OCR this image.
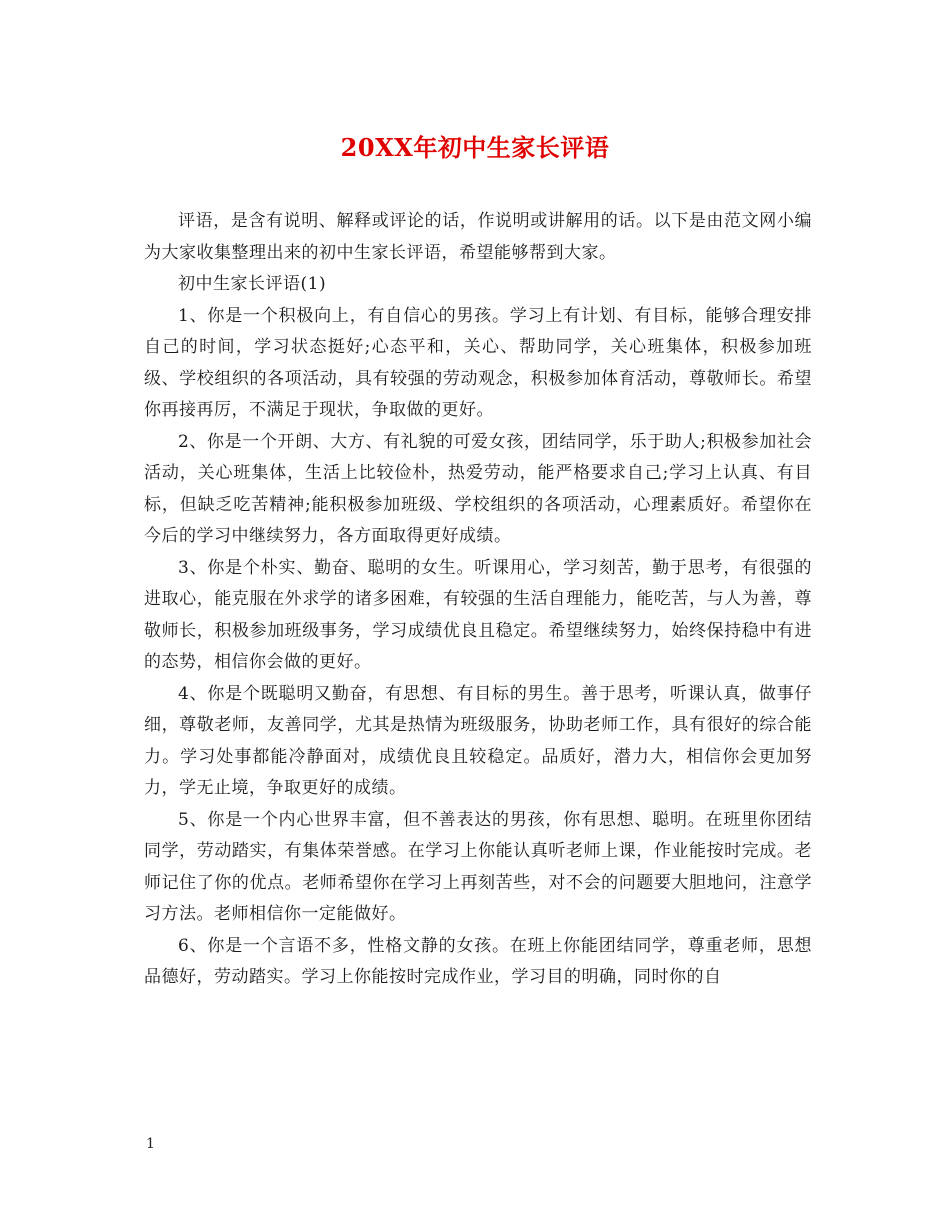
20XX年初中生家长评语

评语，是含有说明、解释或评论的话，作说明或讲解用的话。以下是由范文网小编为大家收集整理出来的初中生家长评语，希望能够帮到大家。

初中生家长评语(1)

1、你是一个积极向上，有自信心的男孩。学习上有计划、有目标，能够合理安排自己的时间，学习状态挺好;心态平和，关心、帮助同学，关心班集体，积极参加班级、学校组织的各项活动，具有较强的劳动观念，积极参加体育活动，尊敬师长。希望你再接再厉，不满足于现状，争取做的更好。

2、你是一个开朗、大方、有礼貌的可爱女孩，团结同学，乐于助人;积极参加社会活动，关心班集体，生活上比较俭朴，热爱劳动，能严格要求自己;学习上认真、有目标，但缺乏吃苦精神;能积极参加班级、学校组织的各项活动，心理素质好。希望你在今后的学习中继续努力，各方面取得更好成绩。

3、你是个朴实、勤奋、聪明的女生。听课用心，学习刻苦，勤于思考，有很强的进取心，能克服在外求学的诸多困难，有较强的生活自理能力，能吃苦，与人为善，尊敬师长，积极参加班级事务，学习成绩优良且稳定。希望继续努力，始终保持稳中有进的态势，相信你会做的更好。

4、你是个既聪明又勤奋，有思想、有目标的男生。善于思考，听课认真，做事仔细，尊敬老师，友善同学，尤其是热情为班级服务，协助老师工作，具有很好的综合能力。学习处事都能冷静面对，成绩优良且较稳定。品质好，潜力大，相信你会更加努力，学无止境，争取更好的成绩。

5、你是一个内心世界丰富，但不善表达的男孩，你有思想、聪明。在班里你团结同学，劳动踏实，有集体荣誉感。在学习上你能认真听老师上课，作业能按时完成。老师记住了你的优点。老师希望你在学习上再刻苦些，对不会的问题要大胆地问，注意学习方法。老师相信你一定能做好。

6、你是一个言语不多，性格文静的女孩。在班上你能团结同学，尊重老师，思想品德好，劳动踏实。学习上你能按时完成作业，学习目的明确，同时你的自

1
